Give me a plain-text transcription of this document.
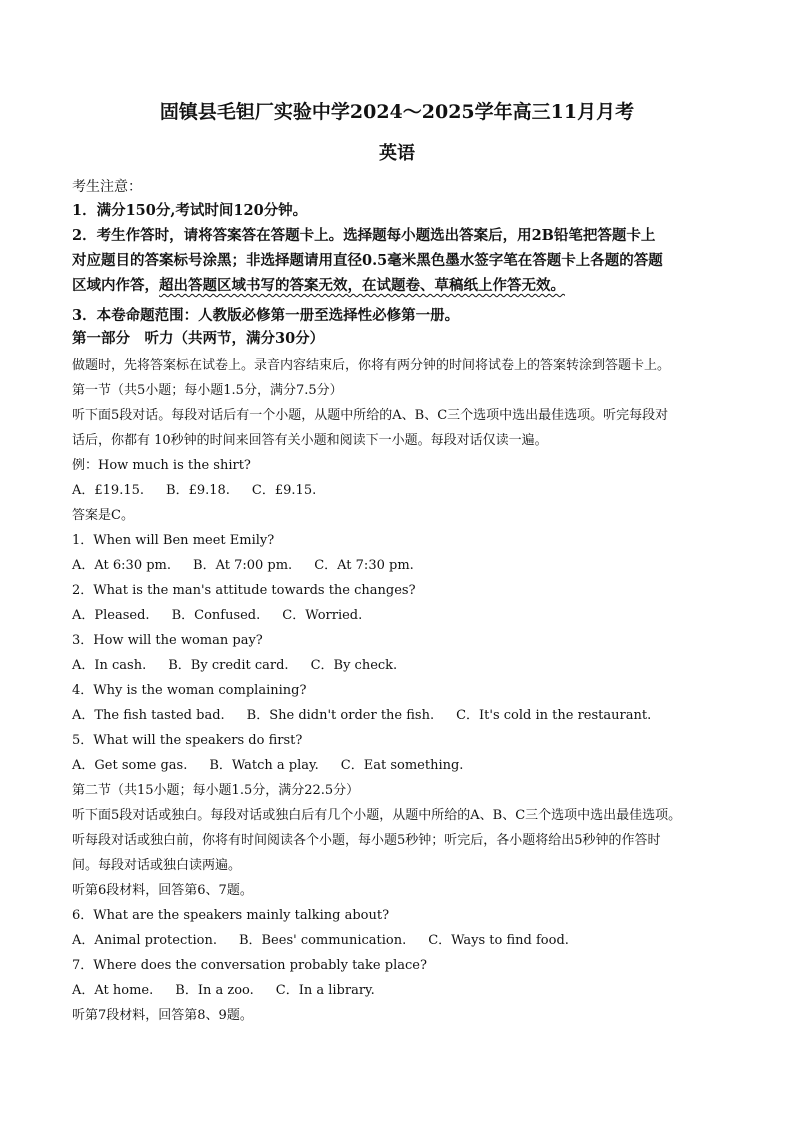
固镇县毛钽厂实验中学2024～2025学年高三11月月考
英语
考生注意：
1．满分150分,考试时间120分钟。
2．考生作答时，请将答案答在答题卡上。选择题每小题选出答案后，用2B铅笔把答题卡上
对应题目的答案标号涂黑；非选择题请用直径0.5毫米黑色墨水签字笔在答题卡上各题的答题
区域内作答，超出答题区域书写的答案无效，在试题卷、草稿纸上作答无效。
3．本卷命题范围：人教版必修第一册至选择性必修第一册。
第一部分　听力（共两节，满分30分）
做题时，先将答案标在试卷上。录音内容结束后，你将有两分钟的时间将试卷上的答案转涂到答题卡上。
第一节（共5小题；每小题1.5分，满分7.5分）
听下面5段对话。每段对话后有一个小题，从题中所给的A、B、C三个选项中选出最佳选项。听完每段对
话后，你都有 10秒钟的时间来回答有关小题和阅读下一小题。每段对话仅读一遍。
例：How much is the shirt?
A．£19.15. B．£9.18. C．£9.15.
答案是C。
1．When will Ben meet Emily?
A．At 6:30 pm. B．At 7:00 pm. C．At 7:30 pm.
2．What is the man's attitude towards the changes?
A．Pleased. B．Confused. C．Worried.
3．How will the woman pay?
A．In cash. B．By credit card. C．By check.
4．Why is the woman complaining?
A．The fish tasted bad. B．She didn't order the fish. C．It's cold in the restaurant.
5．What will the speakers do first?
A．Get some gas. B．Watch a play. C．Eat something.
第二节（共15小题；每小题1.5分，满分22.5分）
听下面5段对话或独白。每段对话或独白后有几个小题，从题中所给的A、B、C三个选项中选出最佳选项。
听每段对话或独白前，你将有时间阅读各个小题，每小题5秒钟；听完后，各小题将给出5秒钟的作答时
间。每段对话或独白读两遍。
听第6段材料，回答第6、7题。
6．What are the speakers mainly talking about?
A．Animal protection. B．Bees' communication. C．Ways to find food.
7．Where does the conversation probably take place?
A．At home. B．In a zoo. C．In a library.
听第7段材料，回答第8、9题。
